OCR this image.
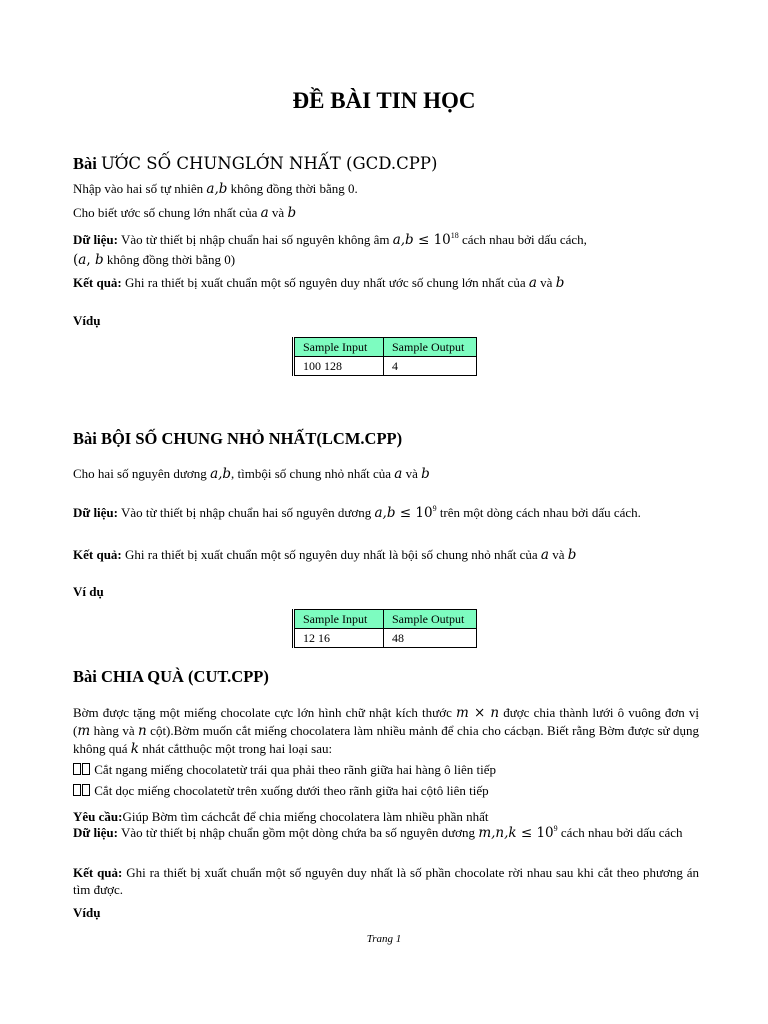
ĐỀ BÀI TIN HỌC
Bài ƯỚC SỐ CHUNGLỚN NHẤT (GCD.CPP)
Nhập vào hai số tự nhiên a,b không đồng thời bằng 0.
Cho biết ước số chung lớn nhất của a và b
Dữ liệu: Vào từ thiết bị nhập chuẩn hai số nguyên không âm $a,b \le 10^{18}$ cách nhau bởi dấu cách,
(a, b không đồng thời bằng 0)
Kết quả: Ghi ra thiết bị xuất chuẩn một số nguyên duy nhất ước số chung lớn nhất của a và b
Vídụ
Sample Input	Sample Output
100 128	4
Bài BỘI SỐ CHUNG NHỎ NHẤT(LCM.CPP)
Cho hai số nguyên dương a,b, tìmbội số chung nhỏ nhất của a và b
Dữ liệu: Vào từ thiết bị nhập chuẩn hai số nguyên dương $a,b \le 10^9$ trên một dòng cách nhau bởi dấu cách.
Kết quả: Ghi ra thiết bị xuất chuẩn một số nguyên duy nhất là bội số chung nhỏ nhất của a và b
Ví dụ
Sample Input	Sample Output
12 16	48
Bài CHIA QUÀ (CUT.CPP)
Bờm được tặng một miếng chocolate cực lớn hình chữ nhật kích thước m × n được chia thành lưới ô vuông đơn vị (m hàng và n cột).Bờm muốn cắt miếng chocolatera làm nhiều mảnh để chia cho cácbạn. Biết rằng Bờm được sử dụng không quá k nhát cắtthuộc một trong hai loại sau:
Cắt ngang miếng chocolatetừ trái qua phải theo rãnh giữa hai hàng ô liên tiếp
Cắt dọc miếng chocolatetừ trên xuống dưới theo rãnh giữa hai cộtô liên tiếp
Yêu cầu:Giúp Bờm tìm cáchcắt để chia miếng chocolatera làm nhiều phần nhất
Dữ liệu: Vào từ thiết bị nhập chuẩn gồm một dòng chứa ba số nguyên dương $m,n,k \le 10^9$ cách nhau bởi dấu cách
Kết quả: Ghi ra thiết bị xuất chuẩn một số nguyên duy nhất là số phần chocolate rời nhau sau khi cắt theo phương án tìm được.
Vídụ
Trang 1
